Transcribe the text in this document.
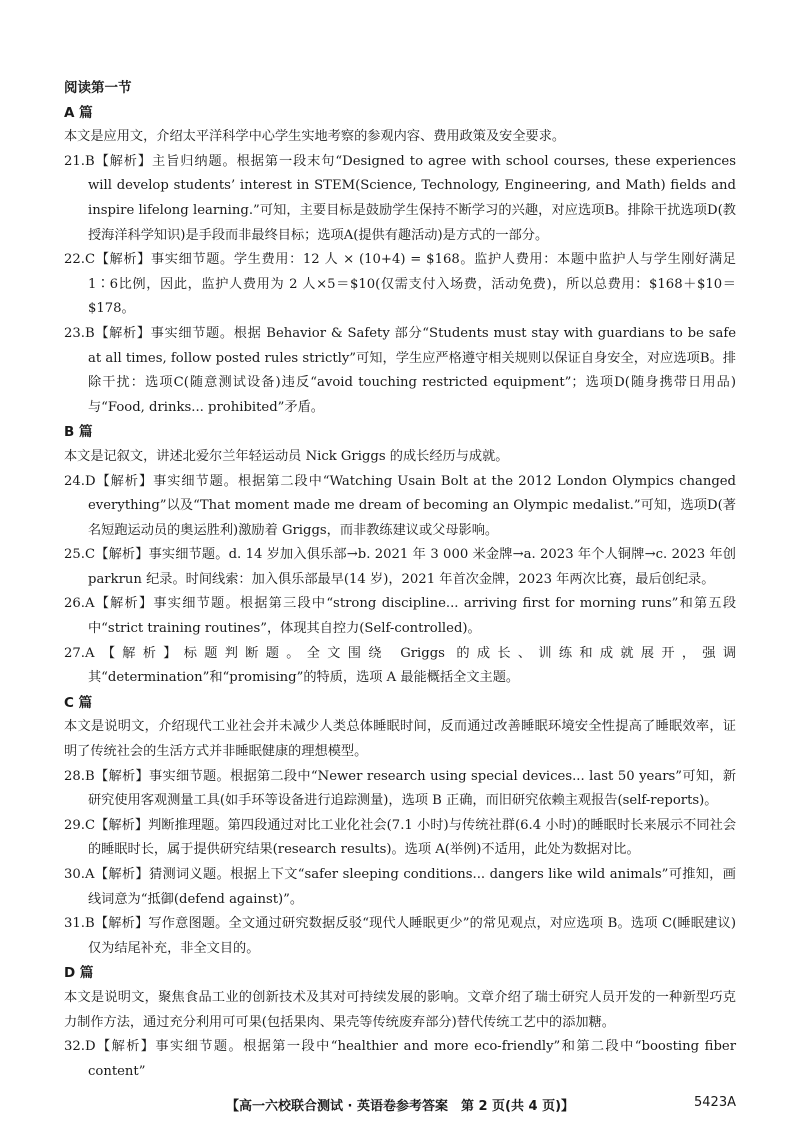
阅读第一节

A 篇

本文是应用文，介绍太平洋科学中心学生实地考察的参观内容、费用政策及安全要求。

21.B【解析】主旨归纳题。根据第一段末句“Designed to agree with school courses, these experiences will develop students’ interest in STEM(Science, Technology, Engineering, and Math) fields and inspire lifelong learning.”可知，主要目标是鼓励学生保持不断学习的兴趣，对应选项B。排除干扰选项D(教授海洋科学知识)是手段而非最终目标；选项A(提供有趣活动)是方式的一部分。

22.C【解析】事实细节题。学生费用：12 人 × (10+4) = $168。监护人费用：本题中监护人与学生刚好满足1∶6比例，因此，监护人费用为 2 人×5＝$10(仅需支付入场费，活动免费)，所以总费用：$168＋$10＝$178。

23.B【解析】事实细节题。根据 Behavior & Safety 部分“Students must stay with guardians to be safe at all times, follow posted rules strictly”可知，学生应严格遵守相关规则以保证自身安全，对应选项B。排除干扰：选项C(随意测试设备)违反“avoid touching restricted equipment”；选项D(随身携带日用品)与“Food, drinks... prohibited”矛盾。

B 篇

本文是记叙文，讲述北爱尔兰年轻运动员 Nick Griggs 的成长经历与成就。

24.D【解析】事实细节题。根据第二段中“Watching Usain Bolt at the 2012 London Olympics changed everything”以及“That moment made me dream of becoming an Olympic medalist.”可知，选项D(著名短跑运动员的奥运胜利)激励着 Griggs，而非教练建议或父母影响。

25.C【解析】事实细节题。d. 14 岁加入俱乐部→b. 2021 年 3 000 米金牌→a. 2023 年个人铜牌→c. 2023 年创 parkrun 纪录。时间线索：加入俱乐部最早(14 岁)，2021 年首次金牌，2023 年两次比赛，最后创纪录。

26.A【解析】事实细节题。根据第三段中“strong discipline... arriving first for morning runs”和第五段中“strict training routines”，体现其自控力(Self-controlled)。

27.A【解析】标题判断题。全文围绕 Griggs 的成长、训练和成就展开，强调其“determination”和“promising”的特质，选项 A 最能概括全文主题。

C 篇

本文是说明文，介绍现代工业社会并未减少人类总体睡眠时间，反而通过改善睡眠环境安全性提高了睡眠效率，证明了传统社会的生活方式并非睡眠健康的理想模型。

28.B【解析】事实细节题。根据第二段中“Newer research using special devices... last 50 years”可知，新研究使用客观测量工具(如手环等设备进行追踪测量)，选项 B 正确，而旧研究依赖主观报告(self-reports)。

29.C【解析】判断推理题。第四段通过对比工业化社会(7.1 小时)与传统社群(6.4 小时)的睡眠时长来展示不同社会的睡眠时长，属于提供研究结果(research results)。选项 A(举例)不适用，此处为数据对比。

30.A【解析】猜测词义题。根据上下文“safer sleeping conditions... dangers like wild animals”可推知，画线词意为“抵御(defend against)”。

31.B【解析】写作意图题。全文通过研究数据反驳“现代人睡眠更少”的常见观点，对应选项 B。选项 C(睡眠建议)仅为结尾补充，非全文目的。

D 篇

本文是说明文，聚焦食品工业的创新技术及其对可持续发展的影响。文章介绍了瑞士研究人员开发的一种新型巧克力制作方法，通过充分利用可可果(包括果肉、果壳等传统废弃部分)替代传统工艺中的添加糖。

32.D【解析】事实细节题。根据第一段中“healthier and more eco-friendly”和第二段中“boosting fiber content”

【高一六校联合测试 · 英语卷参考答案　第 2 页(共 4 页)】	5423A
